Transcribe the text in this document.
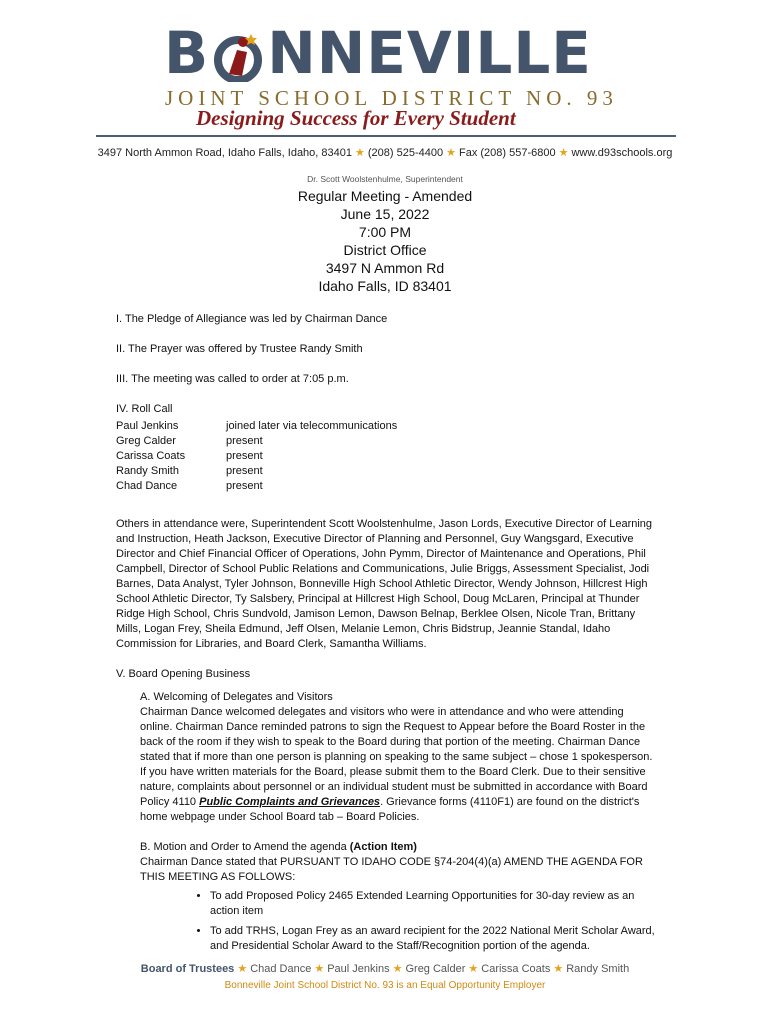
B NNEVILLE
JOINT SCHOOL DISTRICT NO. 93
Designing Success for Every Student
3497 North Ammon Road, Idaho Falls, Idaho, 83401 ★ (208) 525-4400 ★ Fax (208) 557-6800 ★ www.d93schools.org
Dr. Scott Woolstenhulme, Superintendent
Regular Meeting - Amended
June 15, 2022
7:00 PM
District Office
3497 N Ammon Rd
Idaho Falls, ID 83401

I. The Pledge of Allegiance was led by Chairman Dance

II. The Prayer was offered by Trustee Randy Smith

III. The meeting was called to order at 7:05 p.m.

IV. Roll Call
Paul Jenkins	joined later via telecommunications
Greg Calder	present
Carissa Coats	present
Randy Smith	present
Chad Dance	present

Others in attendance were, Superintendent Scott Woolstenhulme, Jason Lords, Executive Director of Learning and Instruction, Heath Jackson, Executive Director of Planning and Personnel, Guy Wangsgard, Executive Director and Chief Financial Officer of Operations, John Pymm, Director of Maintenance and Operations, Phil Campbell, Director of School Public Relations and Communications, Julie Briggs, Assessment Specialist, Jodi Barnes, Data Analyst, Tyler Johnson, Bonneville High School Athletic Director, Wendy Johnson, Hillcrest High School Athletic Director, Ty Salsbery, Principal at Hillcrest High School, Doug McLaren, Principal at Thunder Ridge High School, Chris Sundvold, Jamison Lemon, Dawson Belnap, Berklee Olsen, Nicole Tran, Brittany Mills, Logan Frey, Sheila Edmund, Jeff Olsen, Melanie Lemon, Chris Bidstrup, Jeannie Standal, Idaho Commission for Libraries, and Board Clerk, Samantha Williams.

V. Board Opening Business

A. Welcoming of Delegates and Visitors
Chairman Dance welcomed delegates and visitors who were in attendance and who were attending online. Chairman Dance reminded patrons to sign the Request to Appear before the Board Roster in the back of the room if they wish to speak to the Board during that portion of the meeting. Chairman Dance stated that if more than one person is planning on speaking to the same subject – chose 1 spokesperson. If you have written materials for the Board, please submit them to the Board Clerk. Due to their sensitive nature, complaints about personnel or an individual student must be submitted in accordance with Board Policy 4110 Public Complaints and Grievances. Grievance forms (4110F1) are found on the district's home webpage under School Board tab – Board Policies.
B. Motion and Order to Amend the agenda (Action Item)
Chairman Dance stated that PURSUANT TO IDAHO CODE §74-204(4)(a) AMEND THE AGENDA FOR THIS MEETING AS FOLLOWS:
• To add Proposed Policy 2465 Extended Learning Opportunities for 30-day review as an action item
• To add TRHS, Logan Frey as an award recipient for the 2022 National Merit Scholar Award, and Presidential Scholar Award to the Staff/Recognition portion of the agenda.
Board of Trustees ★ Chad Dance ★ Paul Jenkins ★ Greg Calder ★ Carissa Coats ★ Randy Smith
Bonneville Joint School District No. 93 is an Equal Opportunity Employer
